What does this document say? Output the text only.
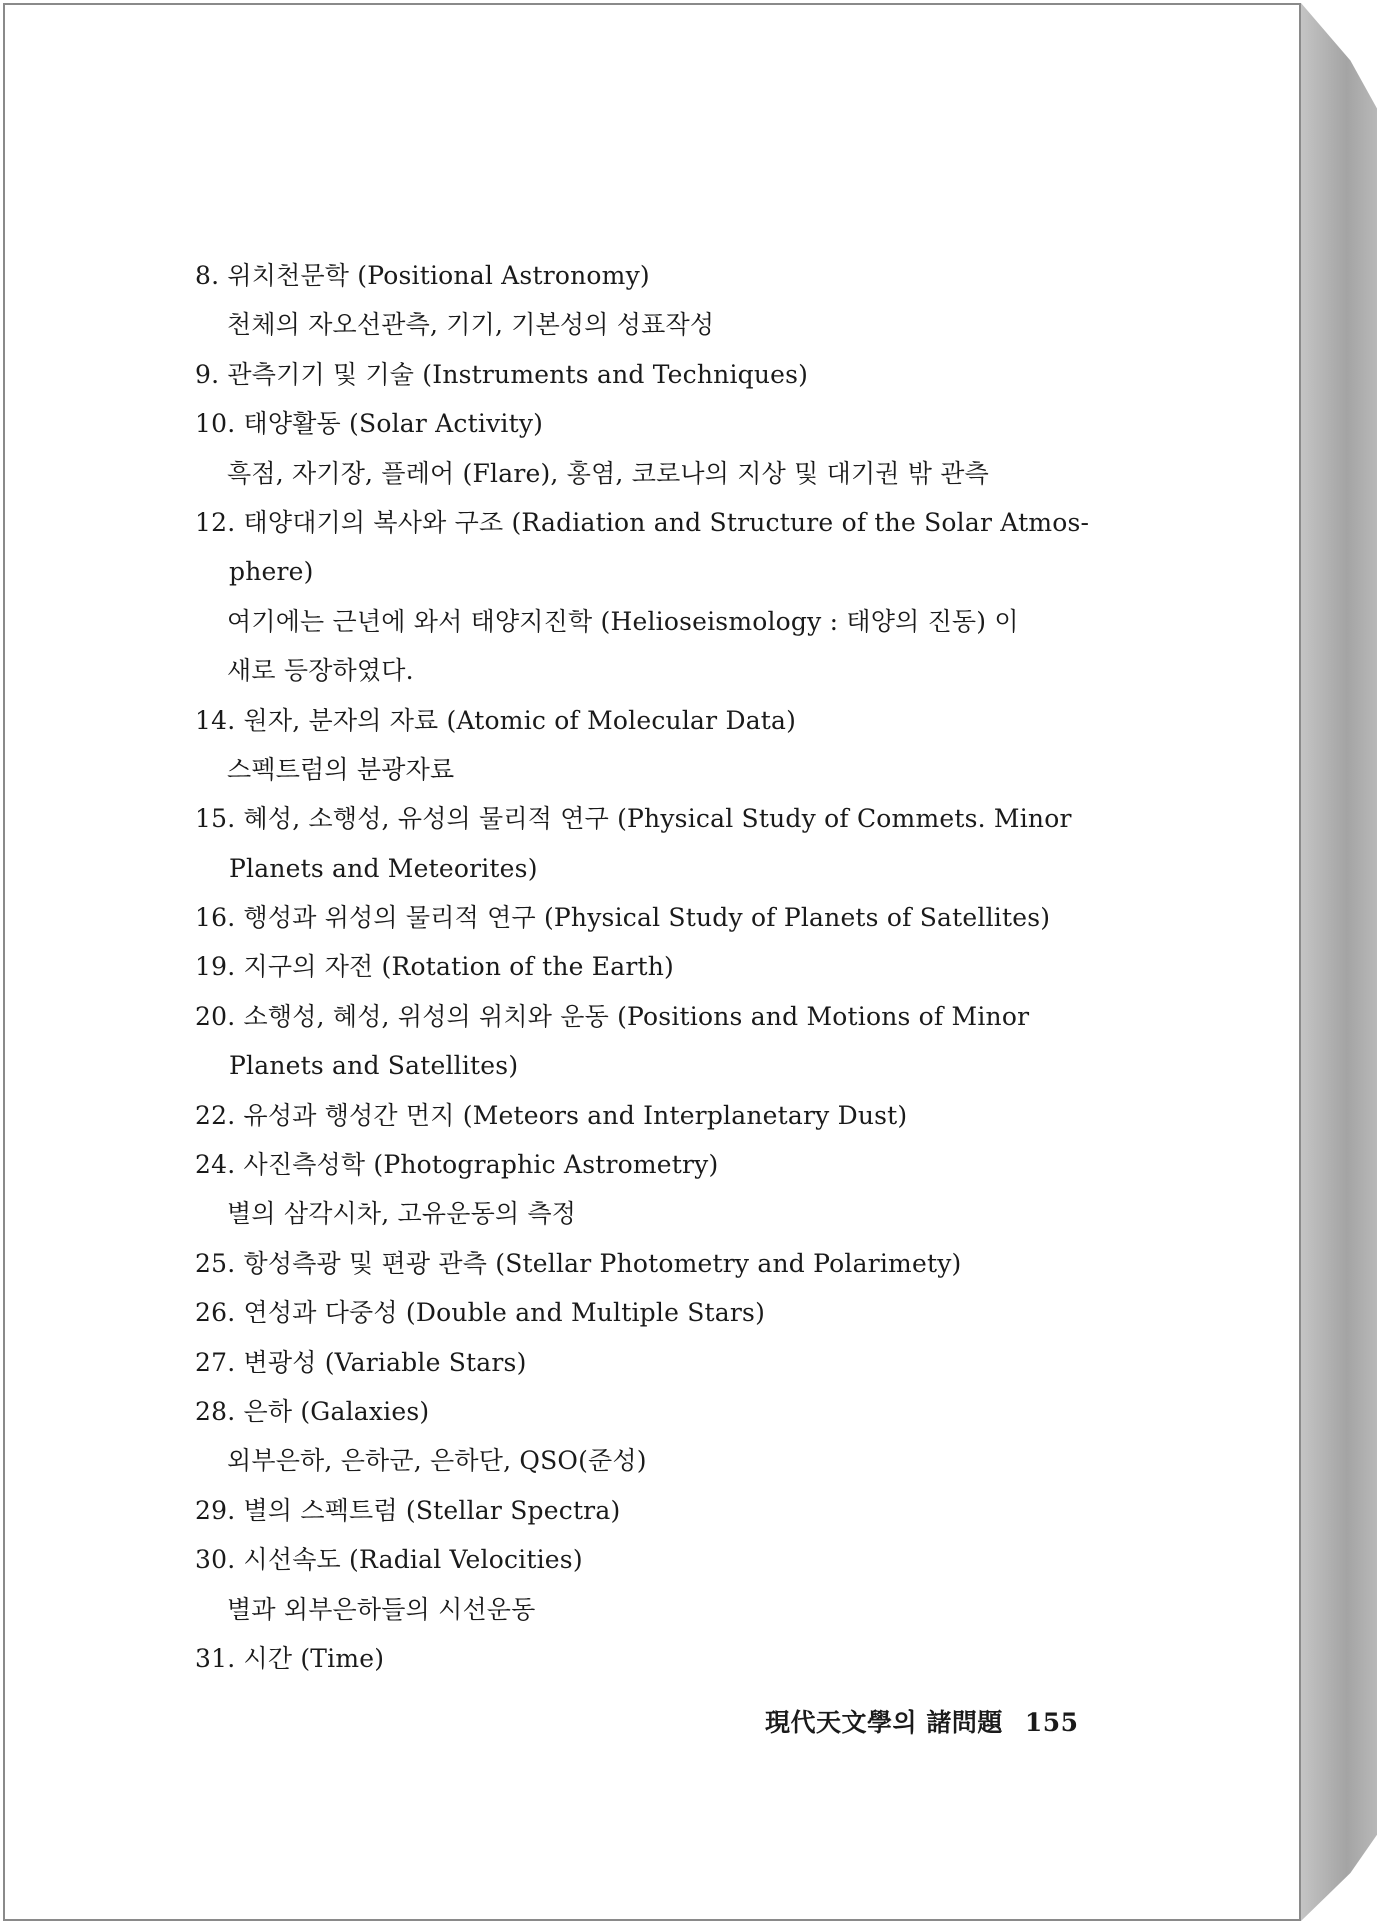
8. 위치천문학 (Positional Astronomy)
천체의 자오선관측, 기기, 기본성의 성표작성
9. 관측기기 및 기술 (Instruments and Techniques)
10. 태양활동 (Solar Activity)
흑점, 자기장, 플레어 (Flare), 홍염, 코로나의 지상 및 대기권 밖 관측
12. 태양대기의 복사와 구조 (Radiation and Structure of the Solar Atmos-
phere)
여기에는 근년에 와서 태양지진학 (Helioseismology : 태양의 진동) 이
새로 등장하였다.
14. 원자, 분자의 자료 (Atomic of Molecular Data)
스펙트럼의 분광자료
15. 혜성, 소행성, 유성의 물리적 연구 (Physical Study of Commets. Minor
Planets and Meteorites)
16. 행성과 위성의 물리적 연구 (Physical Study of Planets of Satellites)
19. 지구의 자전 (Rotation of the Earth)
20. 소행성, 혜성, 위성의 위치와 운동 (Positions and Motions of Minor
Planets and Satellites)
22. 유성과 행성간 먼지 (Meteors and Interplanetary Dust)
24. 사진측성학 (Photographic Astrometry)
별의 삼각시차, 고유운동의 측정
25. 항성측광 및 편광 관측 (Stellar Photometry and Polarimety)
26. 연성과 다중성 (Double and Multiple Stars)
27. 변광성 (Variable Stars)
28. 은하 (Galaxies)
외부은하, 은하군, 은하단, QSO(준성)
29. 별의 스펙트럼 (Stellar Spectra)
30. 시선속도 (Radial Velocities)
별과 외부은하들의 시선운동
31. 시간 (Time)
現代天文學의 諸問題 155
